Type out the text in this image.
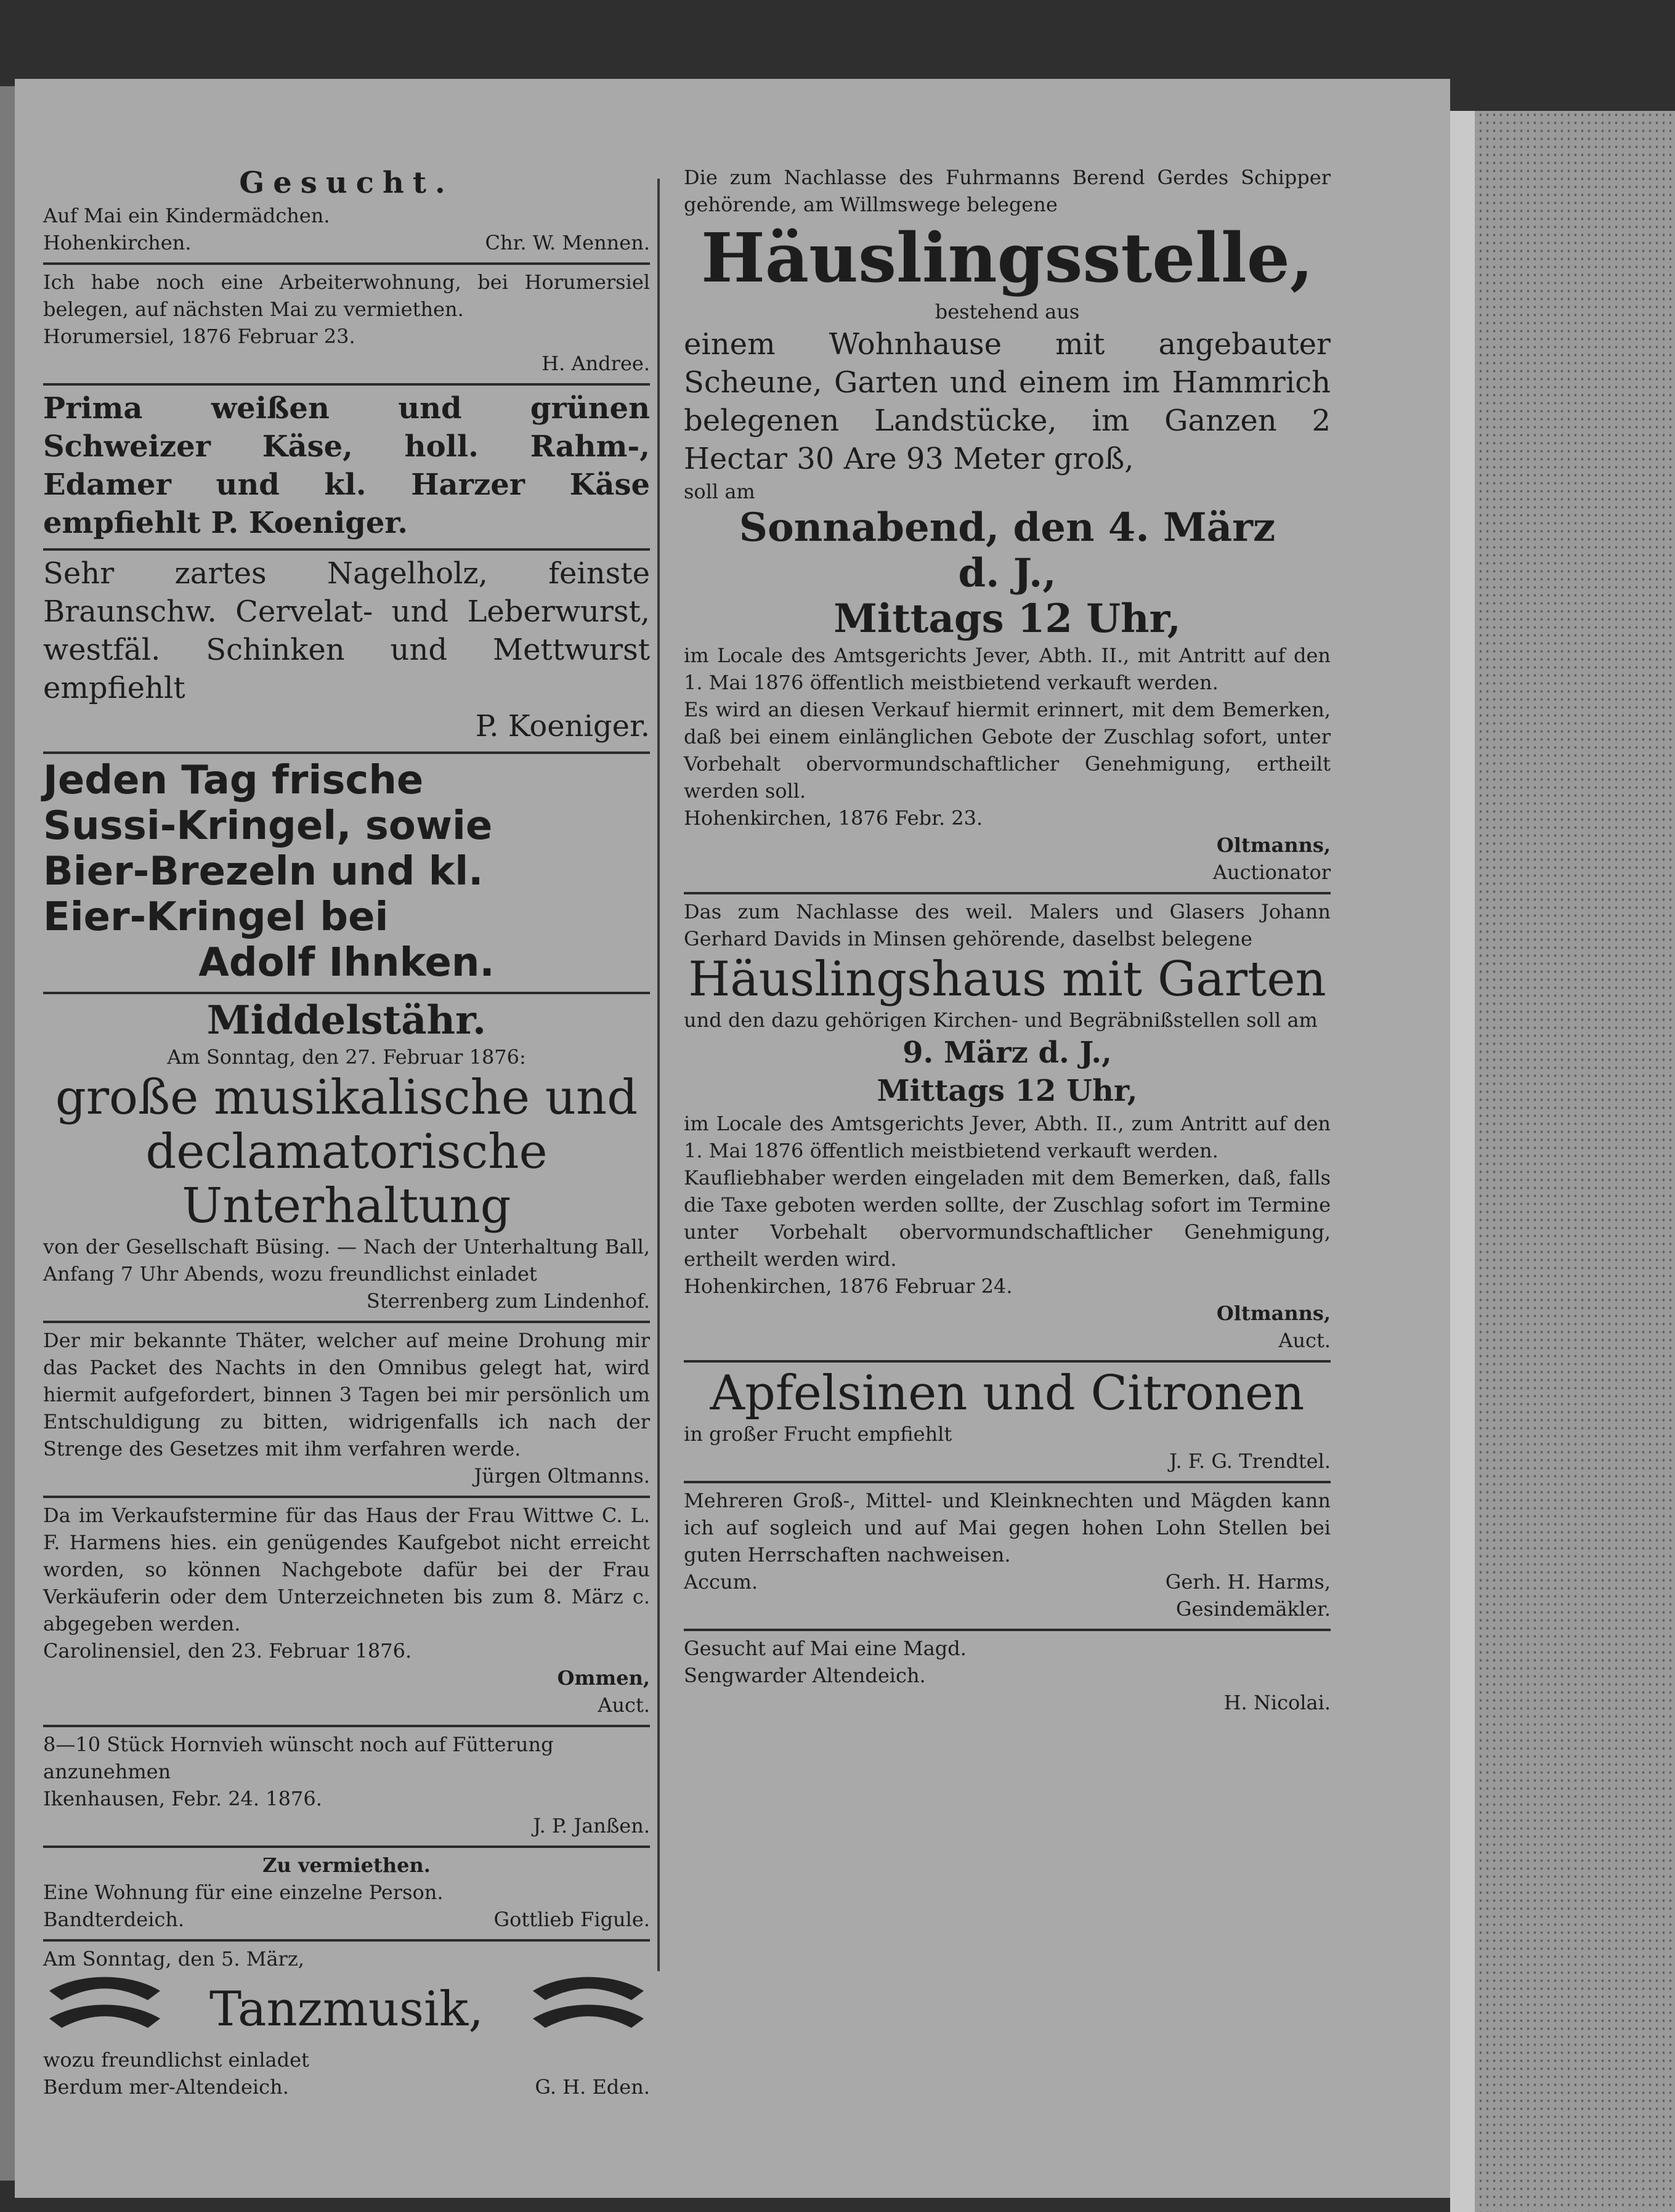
Gesucht.

Auf Mai ein Kindermädchen.

Hohenkirchen.	Chr. W. Mennen.

Ich habe noch eine Arbeiterwohnung, bei Horumersiel belegen, auf nächsten Mai zu vermiethen.

Horumersiel, 1876 Februar 23.

H. Andree.

Prima weißen und grünen Schweizer Käse, holl. Rahm-, Edamer und kl. Harzer Käse empfiehlt P. Koeniger.

Sehr zartes Nagelholz, feinste Braunschw. Cervelat- und Leberwurst, westfäl. Schinken und Mettwurst empfiehlt

P. Koeniger.

Jeden Tag frische

Sussi-Kringel, sowie

Bier-Brezeln und kl.

Eier-Kringel bei

Adolf Ihnken.

Middelstähr.

Am Sonntag, den 27. Februar 1876:

große musikalische und declamatorische Unterhaltung

von der Gesellschaft Büsing. — Nach der Unterhaltung Ball, Anfang 7 Uhr Abends, wozu freundlichst einladet

Sterrenberg zum Lindenhof.

Der mir bekannte Thäter, welcher auf meine Drohung mir das Packet des Nachts in den Omnibus gelegt hat, wird hiermit aufgefordert, binnen 3 Tagen bei mir persönlich um Entschuldigung zu bitten, widrigenfalls ich nach der Strenge des Gesetzes mit ihm verfahren werde.

Jürgen Oltmanns.

Da im Verkaufstermine für das Haus der Frau Wittwe C. L. F. Harmens hies. ein genügendes Kaufgebot nicht erreicht worden, so können Nachgebote dafür bei der Frau Verkäuferin oder dem Unterzeichneten bis zum 8. März c. abgegeben werden.

Carolinensiel, den 23. Februar 1876.

Ommen,

Auct.

8—10 Stück Hornvieh wünscht noch auf Fütterung anzunehmen

Ikenhausen, Febr. 24. 1876.

J. P. Janßen.

Zu vermiethen.

Eine Wohnung für eine einzelne Person.

Bandterdeich.	Gottlieb Figule.

Am Sonntag, den 5. März,

Tanzmusik,

wozu freundlichst einladet

Berdum mer-Altendeich.	G. H. Eden.

Die zum Nachlasse des Fuhrmanns Berend Gerdes Schipper gehörende, am Willmswege belegene

Häuslingsstelle,

bestehend aus

einem Wohnhause mit angebauter Scheune, Garten und einem im Hammrich belegenen Landstücke, im Ganzen 2 Hectar 30 Are 93 Meter groß,

soll am

Sonnabend, den 4. März

d. J.,

Mittags 12 Uhr,

im Locale des Amtsgerichts Jever, Abth. II., mit Antritt auf den 1. Mai 1876 öffentlich meistbietend verkauft werden.

Es wird an diesen Verkauf hiermit erinnert, mit dem Bemerken, daß bei einem einlänglichen Gebote der Zuschlag sofort, unter Vorbehalt obervormundschaftlicher Genehmigung, ertheilt werden soll.

Hohenkirchen, 1876 Febr. 23.

Oltmanns,

Auctionator

Das zum Nachlasse des weil. Malers und Glasers Johann Gerhard Davids in Minsen gehörende, daselbst belegene

Häuslingshaus mit Garten

und den dazu gehörigen Kirchen- und Begräbnißstellen soll am

9. März d. J.,

Mittags 12 Uhr,

im Locale des Amtsgerichts Jever, Abth. II., zum Antritt auf den 1. Mai 1876 öffentlich meistbietend verkauft werden.

Kaufliebhaber werden eingeladen mit dem Bemerken, daß, falls die Taxe geboten werden sollte, der Zuschlag sofort im Termine unter Vorbehalt obervormundschaftlicher Genehmigung, ertheilt werden wird.

Hohenkirchen, 1876 Februar 24.

Oltmanns,

Auct.

Apfelsinen und Citronen

in großer Frucht empfiehlt

J. F. G. Trendtel.

Mehreren Groß-, Mittel- und Kleinknechten und Mägden kann ich auf sogleich und auf Mai gegen hohen Lohn Stellen bei guten Herrschaften nachweisen.

Accum.	Gerh. H. Harms,

Gesindemäkler.

Gesucht auf Mai eine Magd.

Sengwarder Altendeich.

H. Nicolai.
